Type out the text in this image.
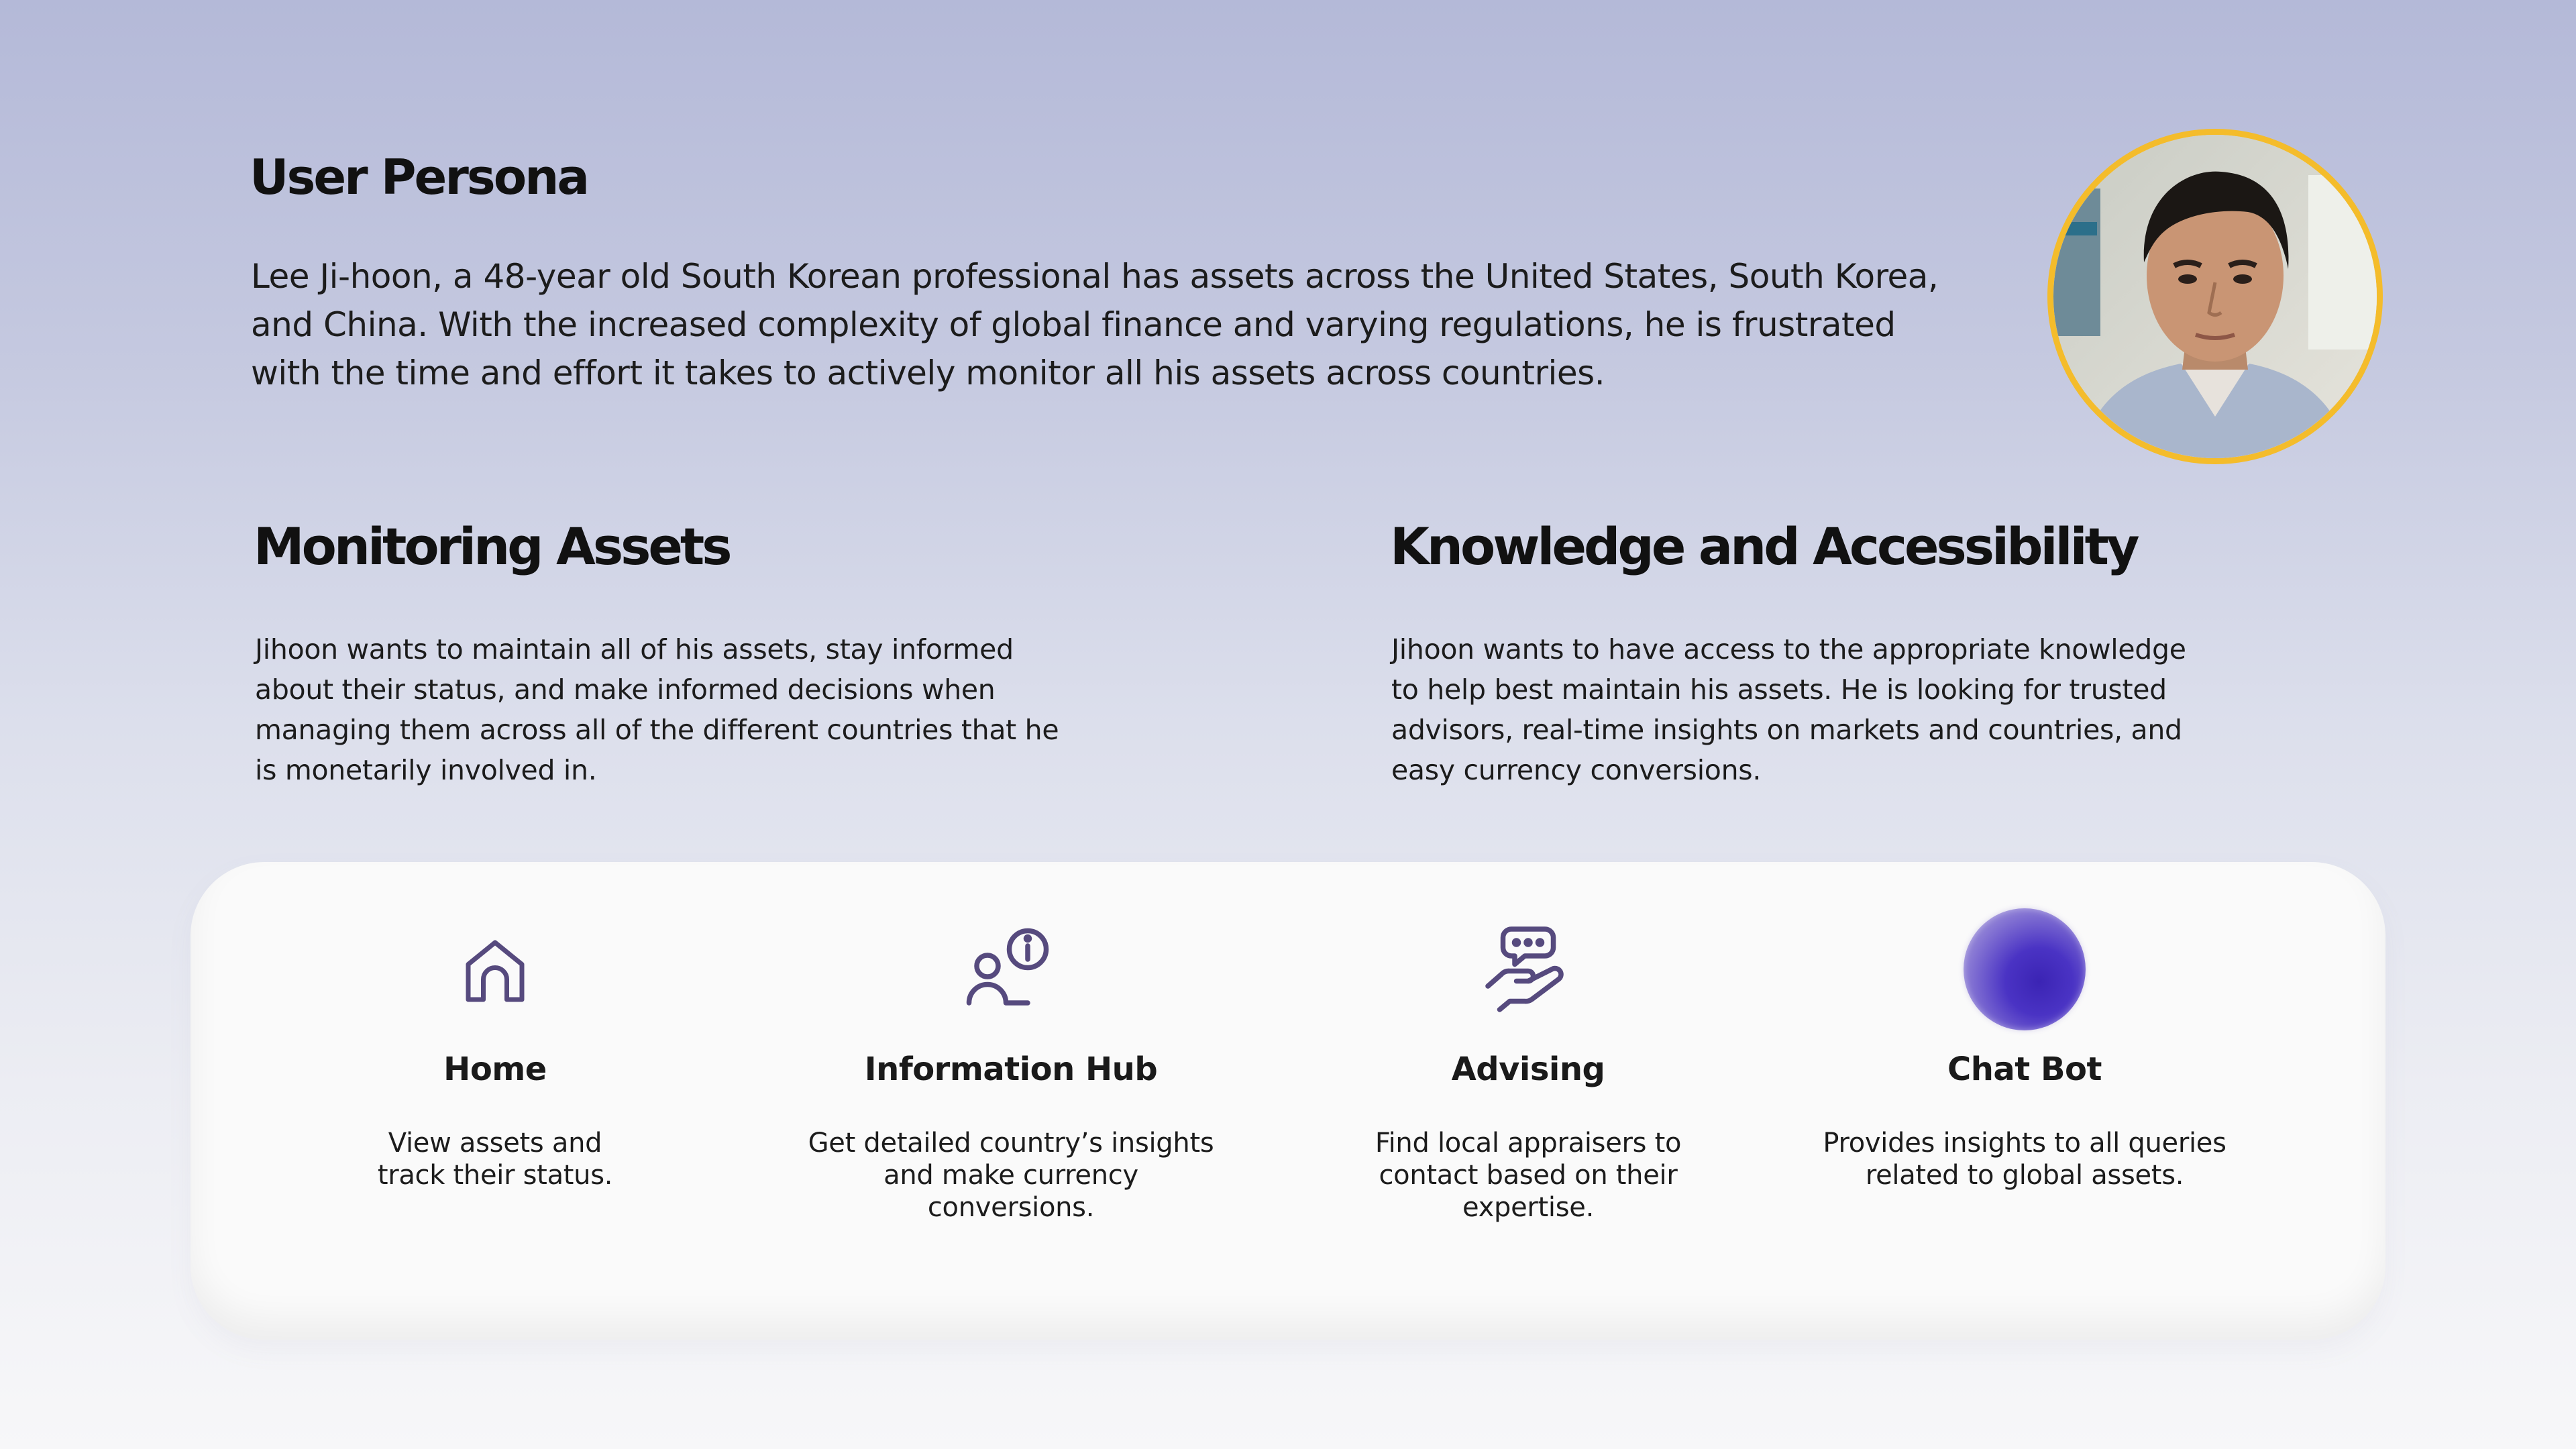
User Persona
Lee Ji-hoon, a 48-year old South Korean professional has assets across the United States, South Korea, and China. With the increased complexity of global finance and varying regulations, he is frustrated with the time and effort it takes to actively monitor all his assets across countries.
Monitoring Assets
Jihoon wants to maintain all of his assets, stay informed about their status, and make informed decisions when managing them across all of the different countries that he is monetarily involved in.
Knowledge and Accessibility
Jihoon wants to have access to the appropriate knowledge to help best maintain his assets. He is looking for trusted advisors, real-time insights on markets and countries, and easy currency conversions.
Home

View assets and track their status.

Information Hub

Get detailed country’s insights and make currency conversions.

Advising

Find local appraisers to contact based on their expertise.

Chat Bot

Provides insights to all queries related to global assets.
